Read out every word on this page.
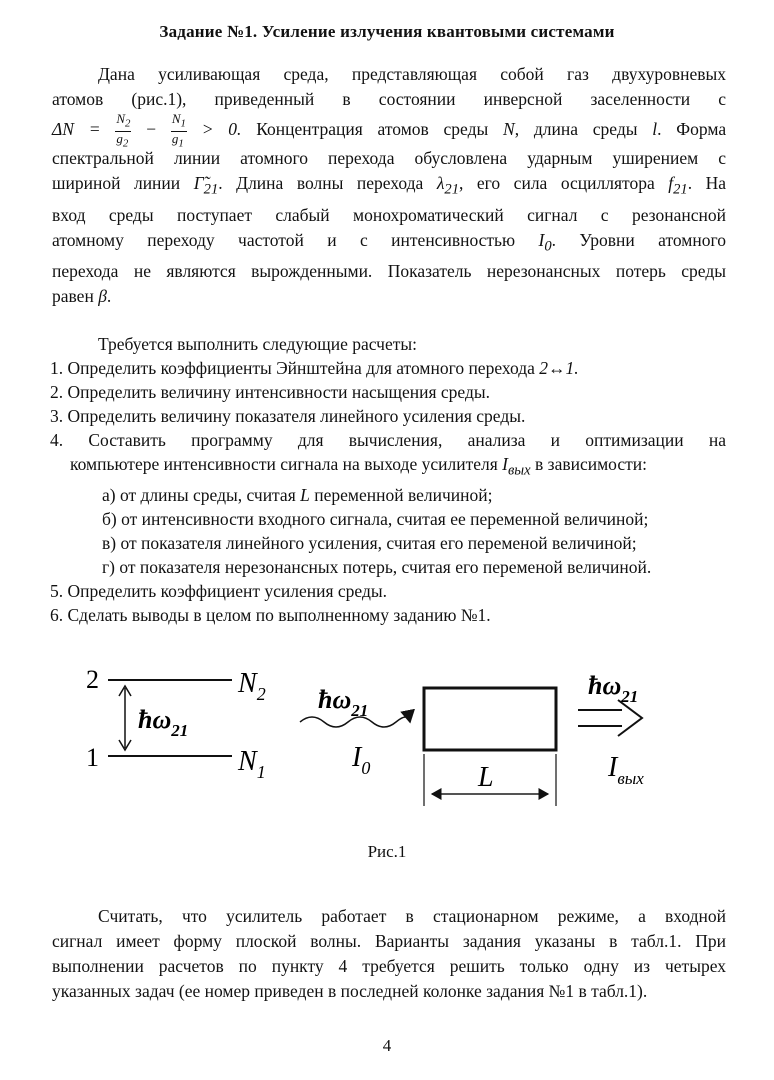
Задание №1. Усиление излучения квантовыми системами
Дана усиливающая среда, представляющая собой газ двухуровневых
атомов (рис.1), приведенный в состоянии инверсной заселенности с
$\Delta N = \frac{N_2}{g_2} - \frac{N_1}{g_1} > 0$. Концентрация атомов среды N, длина среды l. Форма
спектральной линии атомного перехода обусловлена ударным уширением с
шириной линии $\Gammã_{21}$. Длина волны перехода $\lambda_{21}$, его сила осциллятора $f_{21}$. На
вход среды поступает слабый монохроматический сигнал с резонансной
атомному переходу частотой и с интенсивностью $I_0$. Уровни атомного
перехода не являются вырожденными. Показатель нерезонансных потерь среды
равен β.
Требуется выполнить следующие расчеты:
1. Определить коэффициенты Эйнштейна для атомного перехода 2↔1.
2. Определить величину интенсивности насыщения среды.
3. Определить величину показателя линейного усиления среды.
4. Составить программу для вычисления, анализа и оптимизации на
компьютере интенсивности сигнала на выходе усилителя $I_{вых}$ в зависимости:
а) от длины среды, считая L переменной величиной;
б) от интенсивности входного сигнала, считая ее переменной величиной;
в) от показателя линейного усиления, считая его переменой величиной;
г) от показателя нерезонансных потерь, считая его переменой величиной.
5. Определить коэффициент усиления среды.
6. Сделать выводы в целом по выполненному заданию №1.
2
1
$N_2$
$N_1$
$ħ\omega_{21}$
$ħ\omega_{21}$
$I_0$	L
$ħ\omega_{21}$
$I_{вых}$
Рис.1
Считать, что усилитель работает в стационарном режиме, а входной
сигнал имеет форму плоской волны. Варианты задания указаны в табл.1. При
выполнении расчетов по пункту 4 требуется решить только одну из четырех
указанных задач (ее номер приведен в последней колонке задания №1 в табл.1).
4
